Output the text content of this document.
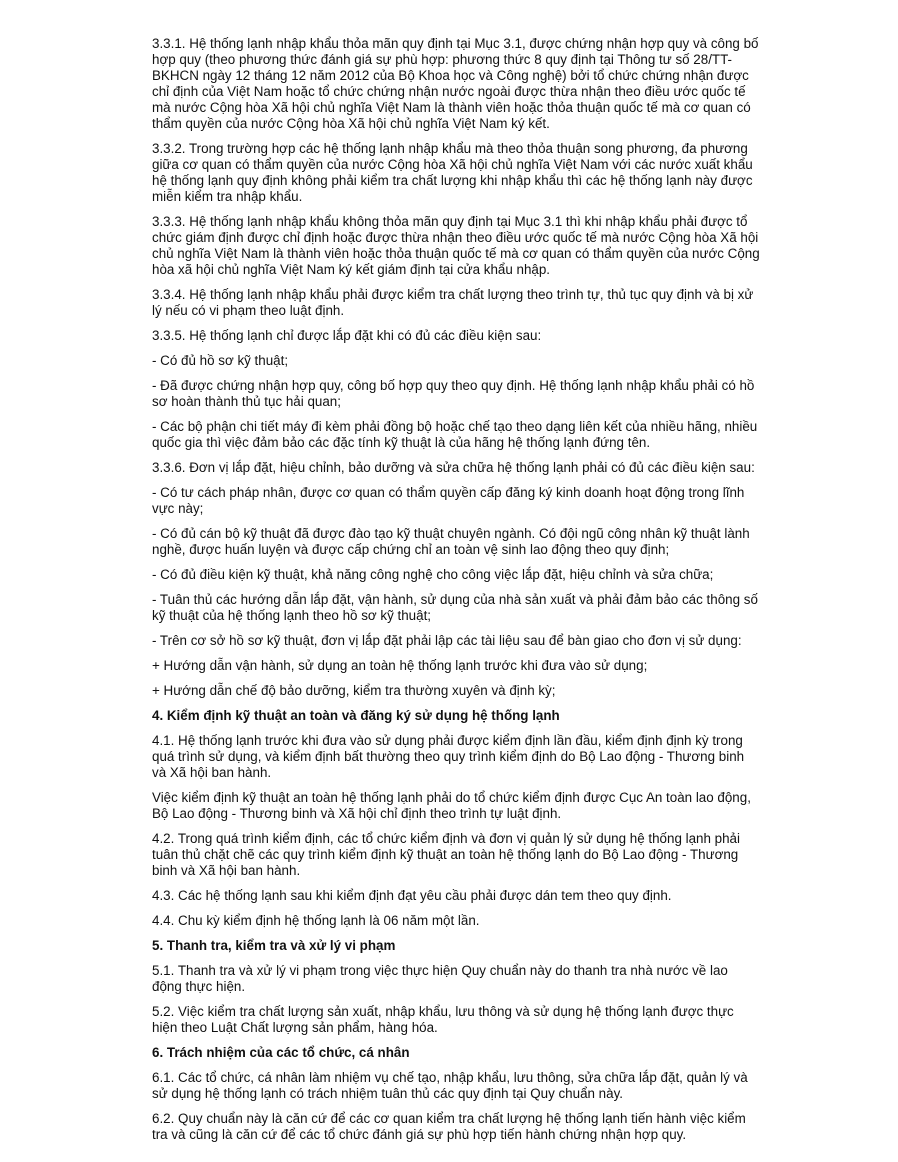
3.3.1. Hệ thống lạnh nhập khẩu thỏa mãn quy định tại Mục 3.1, được chứng nhận hợp quy và công bố hợp quy (theo phương thức đánh giá sự phù hợp: phương thức 8 quy định tại Thông tư số 28/TT-BKHCN ngày 12 tháng 12 năm 2012 của Bộ Khoa học và Công nghệ) bởi tổ chức chứng nhận được chỉ định của Việt Nam hoặc tổ chức chứng nhận nước ngoài được thừa nhận theo điều ước quốc tế mà nước Cộng hòa Xã hội chủ nghĩa Việt Nam là thành viên hoặc thỏa thuận quốc tế mà cơ quan có thẩm quyền của nước Cộng hòa Xã hội chủ nghĩa Việt Nam ký kết.

3.3.2. Trong trường hợp các hệ thống lạnh nhập khẩu mà theo thỏa thuận song phương, đa phương giữa cơ quan có thẩm quyền của nước Cộng hòa Xã hội chủ nghĩa Việt Nam với các nước xuất khẩu hệ thống lạnh quy định không phải kiểm tra chất lượng khi nhập khẩu thì các hệ thống lạnh này được miễn kiểm tra nhập khẩu.

3.3.3. Hệ thống lạnh nhập khẩu không thỏa mãn quy định tại Mục 3.1 thì khi nhập khẩu phải được tổ chức giám định được chỉ định hoặc được thừa nhận theo điều ước quốc tế mà nước Cộng hòa Xã hội chủ nghĩa Việt Nam là thành viên hoặc thỏa thuận quốc tế mà cơ quan có thẩm quyền của nước Cộng hòa xã hội chủ nghĩa Việt Nam ký kết giám định tại cửa khẩu nhập.

3.3.4. Hệ thống lạnh nhập khẩu phải được kiểm tra chất lượng theo trình tự, thủ tục quy định và bị xử lý nếu có vi phạm theo luật định.

3.3.5. Hệ thống lạnh chỉ được lắp đặt khi có đủ các điều kiện sau:

- Có đủ hồ sơ kỹ thuật;

- Đã được chứng nhận hợp quy, công bố hợp quy theo quy định. Hệ thống lạnh nhập khẩu phải có hồ sơ hoàn thành thủ tục hải quan;

- Các bộ phận chi tiết máy đi kèm phải đồng bộ hoặc chế tạo theo dạng liên kết của nhiều hãng, nhiều quốc gia thì việc đảm bảo các đặc tính kỹ thuật là của hãng hệ thống lạnh đứng tên.

3.3.6. Đơn vị lắp đặt, hiệu chỉnh, bảo dưỡng và sửa chữa hệ thống lạnh phải có đủ các điều kiện sau:

- Có tư cách pháp nhân, được cơ quan có thẩm quyền cấp đăng ký kinh doanh hoạt động trong lĩnh vực này;

- Có đủ cán bộ kỹ thuật đã được đào tạo kỹ thuật chuyên ngành. Có đội ngũ công nhân kỹ thuật lành nghề, được huấn luyện và được cấp chứng chỉ an toàn vệ sinh lao động theo quy định;

- Có đủ điều kiện kỹ thuật, khả năng công nghệ cho công việc lắp đặt, hiệu chỉnh và sửa chữa;

- Tuân thủ các hướng dẫn lắp đặt, vận hành, sử dụng của nhà sản xuất và phải đảm bảo các thông số kỹ thuật của hệ thống lạnh theo hồ sơ kỹ thuật;

- Trên cơ sở hồ sơ kỹ thuật, đơn vị lắp đặt phải lập các tài liệu sau để bàn giao cho đơn vị sử dụng:

+ Hướng dẫn vận hành, sử dụng an toàn hệ thống lạnh trước khi đưa vào sử dụng;

+ Hướng dẫn chế độ bảo dưỡng, kiểm tra thường xuyên và định kỳ;

4. Kiểm định kỹ thuật an toàn và đăng ký sử dụng hệ thống lạnh

4.1. Hệ thống lạnh trước khi đưa vào sử dụng phải được kiểm định lần đầu, kiểm định định kỳ trong quá trình sử dụng, và kiểm định bất thường theo quy trình kiểm định do Bộ Lao động - Thương binh và Xã hội ban hành.

Việc kiểm định kỹ thuật an toàn hệ thống lạnh phải do tổ chức kiểm định được Cục An toàn lao động, Bộ Lao động - Thương binh và Xã hội chỉ định theo trình tự luật định.

4.2. Trong quá trình kiểm định, các tổ chức kiểm định và đơn vị quản lý sử dụng hệ thống lạnh phải tuân thủ chặt chẽ các quy trình kiểm định kỹ thuật an toàn hệ thống lạnh do Bộ Lao động - Thương binh và Xã hội ban hành.

4.3. Các hệ thống lạnh sau khi kiểm định đạt yêu cầu phải được dán tem theo quy định.

4.4. Chu kỳ kiểm định hệ thống lạnh là 06 năm một lần.

5. Thanh tra, kiểm tra và xử lý vi phạm

5.1. Thanh tra và xử lý vi phạm trong việc thực hiện Quy chuẩn này do thanh tra nhà nước về lao động thực hiện.

5.2. Việc kiểm tra chất lượng sản xuất, nhập khẩu, lưu thông và sử dụng hệ thống lạnh được thực hiện theo Luật Chất lượng sản phẩm, hàng hóa.

6. Trách nhiệm của các tổ chức, cá nhân

6.1. Các tổ chức, cá nhân làm nhiệm vụ chế tạo, nhập khẩu, lưu thông, sửa chữa lắp đặt, quản lý và sử dụng hệ thống lạnh có trách nhiệm tuân thủ các quy định tại Quy chuẩn này.

6.2. Quy chuẩn này là căn cứ để các cơ quan kiểm tra chất lượng hệ thống lạnh tiến hành việc kiểm tra và cũng là căn cứ để các tổ chức đánh giá sự phù hợp tiến hành chứng nhận hợp quy.
